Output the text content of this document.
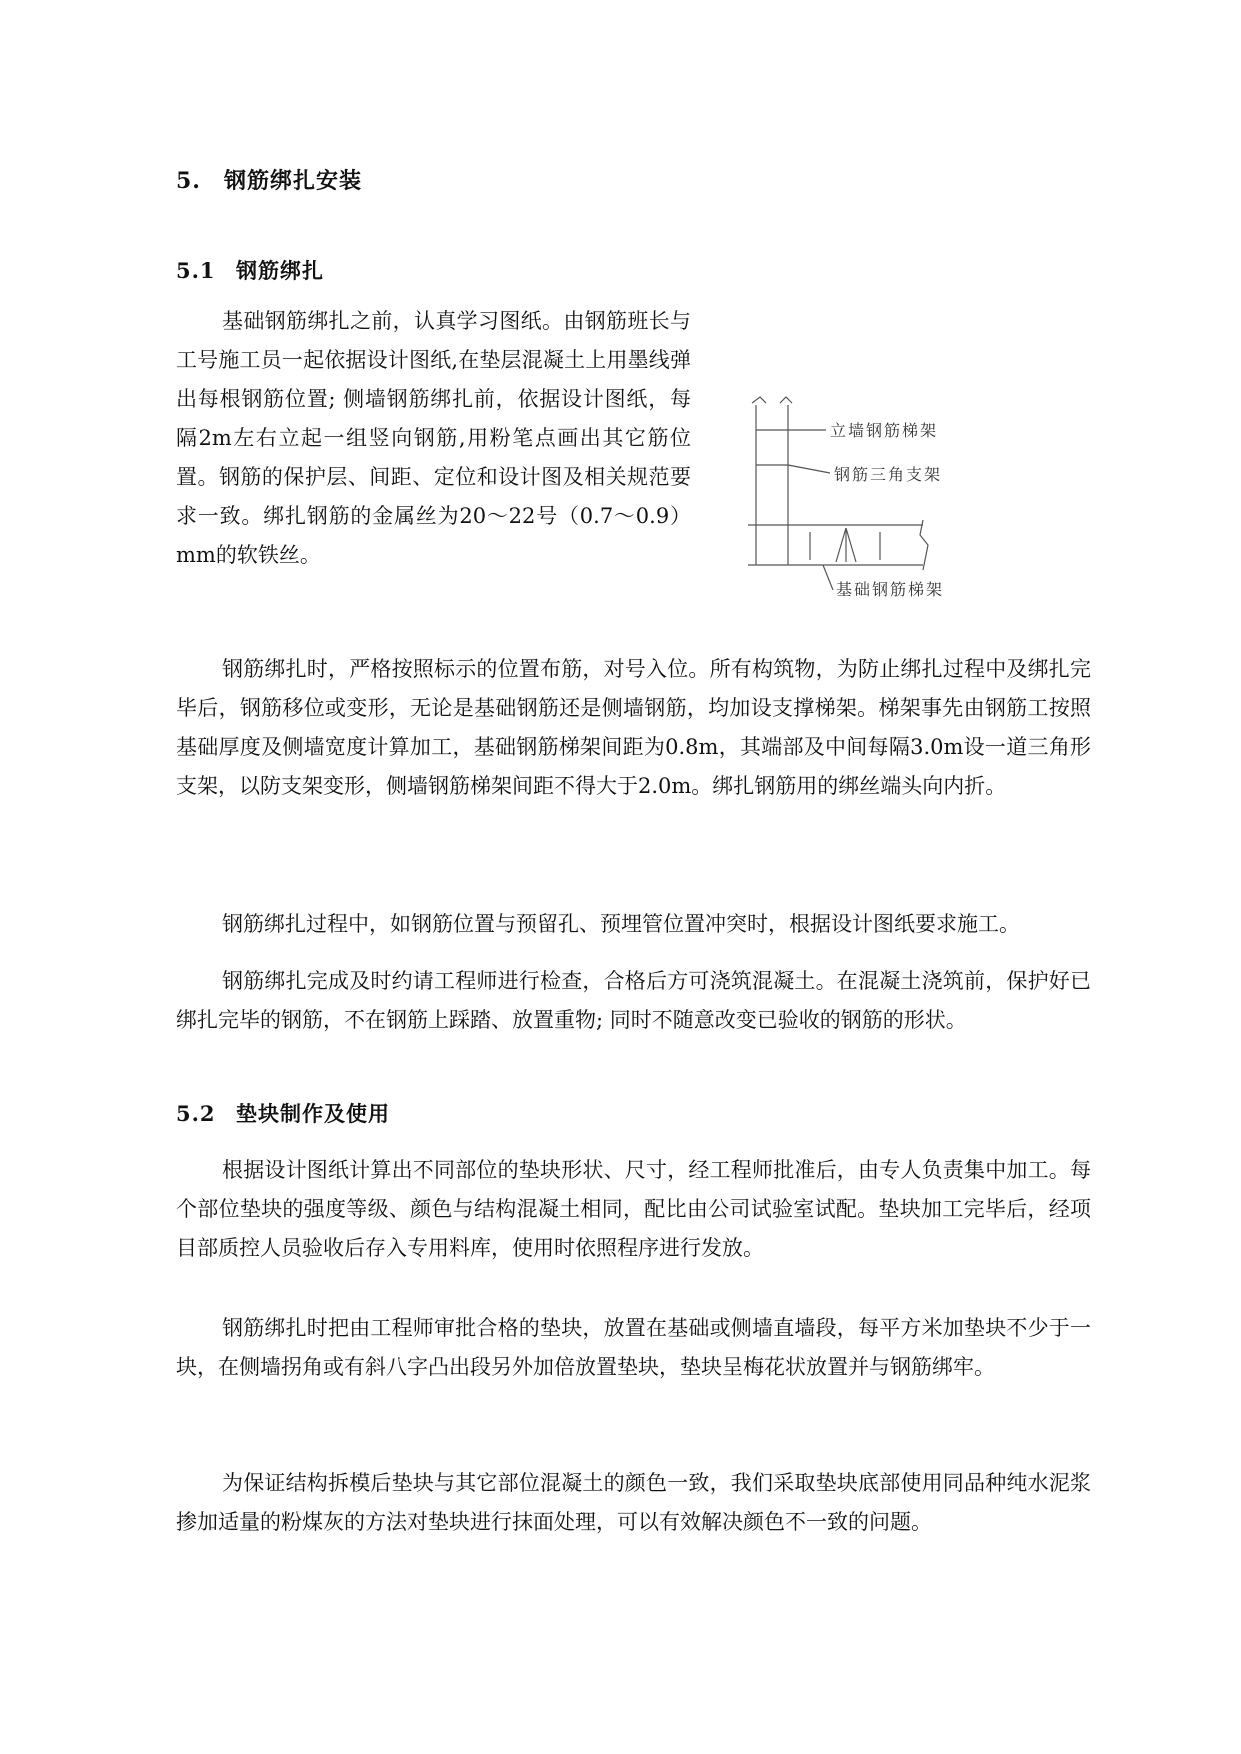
5. 钢筋绑扎安装
5.1 钢筋绑扎

基础钢筋绑扎之前，认真学习图纸。由钢筋班长与工号施工员一起依据设计图纸,在垫层混凝土上用墨线弹出每根钢筋位置; 侧墙钢筋绑扎前，依据设计图纸，每隔2m左右立起一组竖向钢筋,用粉笔点画出其它筋位置。钢筋的保护层、间距、定位和设计图及相关规范要求一致。绑扎钢筋的金属丝为20～22号（0.7～0.9）mm的软铁丝。

立墙钢筋梯架
钢筋三角支架
基础钢筋梯架

钢筋绑扎时，严格按照标示的位置布筋，对号入位。所有构筑物，为防止绑扎过程中及绑扎完毕后，钢筋移位或变形，无论是基础钢筋还是侧墙钢筋，均加设支撑梯架。梯架事先由钢筋工按照基础厚度及侧墙宽度计算加工，基础钢筋梯架间距为0.8m，其端部及中间每隔3.0m设一道三角形支架，以防支架变形，侧墙钢筋梯架间距不得大于2.0m。绑扎钢筋用的绑丝端头向内折。

钢筋绑扎过程中，如钢筋位置与预留孔、预埋管位置冲突时，根据设计图纸要求施工。

钢筋绑扎完成及时约请工程师进行检查，合格后方可浇筑混凝土。在混凝土浇筑前，保护好已绑扎完毕的钢筋，不在钢筋上踩踏、放置重物; 同时不随意改变已验收的钢筋的形状。

5.2 垫块制作及使用

根据设计图纸计算出不同部位的垫块形状、尺寸，经工程师批准后，由专人负责集中加工。每个部位垫块的强度等级、颜色与结构混凝土相同，配比由公司试验室试配。垫块加工完毕后，经项目部质控人员验收后存入专用料库，使用时依照程序进行发放。

钢筋绑扎时把由工程师审批合格的垫块，放置在基础或侧墙直墙段，每平方米加垫块不少于一块，在侧墙拐角或有斜八字凸出段另外加倍放置垫块，垫块呈梅花状放置并与钢筋绑牢。

为保证结构拆模后垫块与其它部位混凝土的颜色一致，我们采取垫块底部使用同品种纯水泥浆掺加适量的粉煤灰的方法对垫块进行抹面处理，可以有效解决颜色不一致的问题。
